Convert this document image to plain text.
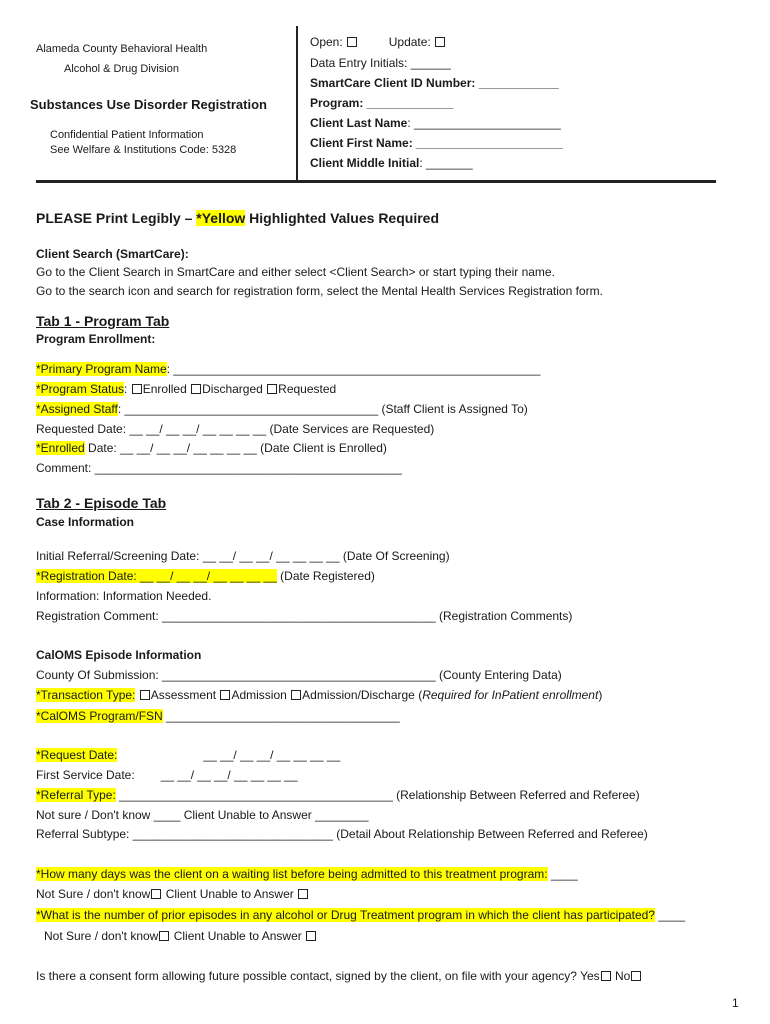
Alameda County Behavioral Health
Alcohol & Drug Division
Substances Use Disorder Registration
Confidential Patient Information
See Welfare & Institutions Code: 5328
Open:	Update:
Data Entry Initials: ______
SmartCare Client ID Number: ____________
Program: _____________
Client Last Name: ______________________
Client First Name: ______________________
Client Middle Initial: _______
PLEASE Print Legibly – *Yellow Highlighted Values Required
Client Search (SmartCare):
Go to the Client Search in SmartCare and either select <Client Search> or start typing their name.
Go to the search icon and search for registration form, select the Mental Health Services Registration form.
Tab 1 - Program Tab
Program Enrollment:
*Primary Program Name: _______________________________________________________
*Program Status: Enrolled Discharged Requested
*Assigned Staff: ______________________________________ (Staff Client is Assigned To)
Requested Date: __ __/ __ __/ __ __ __ __ (Date Services are Requested)
*Enrolled Date: __ __/ __ __/ __ __ __ __ (Date Client is Enrolled)
Comment: ______________________________________________
Tab 2 - Episode Tab
Case Information
Initial Referral/Screening Date: __ __/ __ __/ __ __ __ __ (Date Of Screening)
*Registration Date: __ __/ __ __/ __ __ __ __ (Date Registered)
Information: Information Needed.
Registration Comment: _________________________________________ (Registration Comments)
CalOMS Episode Information
County Of Submission: _________________________________________ (County Entering Data)
*Transaction Type: Assessment Admission Admission/Discharge (Required for InPatient enrollment)
*CalOMS Program/FSN ___________________________________
*Request Date:	__ __/ __ __/ __ __ __ __
First Service Date: __ __/ __ __/ __ __ __ __
*Referral Type: _________________________________________ (Relationship Between Referred and Referee)
Not sure / Don't know ____ Client Unable to Answer ________
Referral Subtype: ______________________________ (Detail About Relationship Between Referred and Referee)
*How many days was the client on a waiting list before being admitted to this treatment program: ____
Not Sure / don't know Client Unable to Answer
*What is the number of prior episodes in any alcohol or Drug Treatment program in which the client has participated? ____
Not Sure / don't know Client Unable to Answer
Is there a consent form allowing future possible contact, signed by the client, on file with your agency? Yes No
1
